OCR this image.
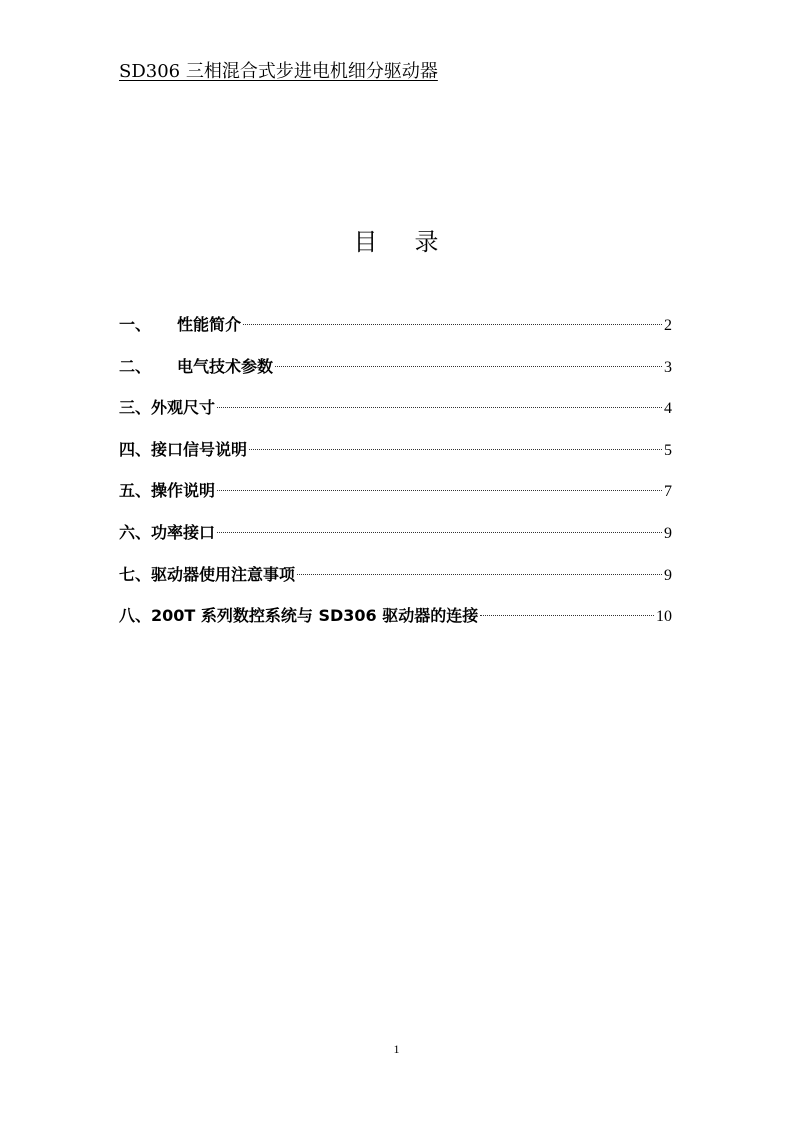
SD306 三相混合式步进电机细分驱动器
目 录
一、	性能简介	2
二、	电气技术参数	3
三、 外观尺寸	4
四、 接口信号说明	5
五、 操作说明	7
六、 功率接口	9
七、 驱动器使用注意事项	9
八、 200T 系列数控系统与 SD306 驱动器的连接	10
1
